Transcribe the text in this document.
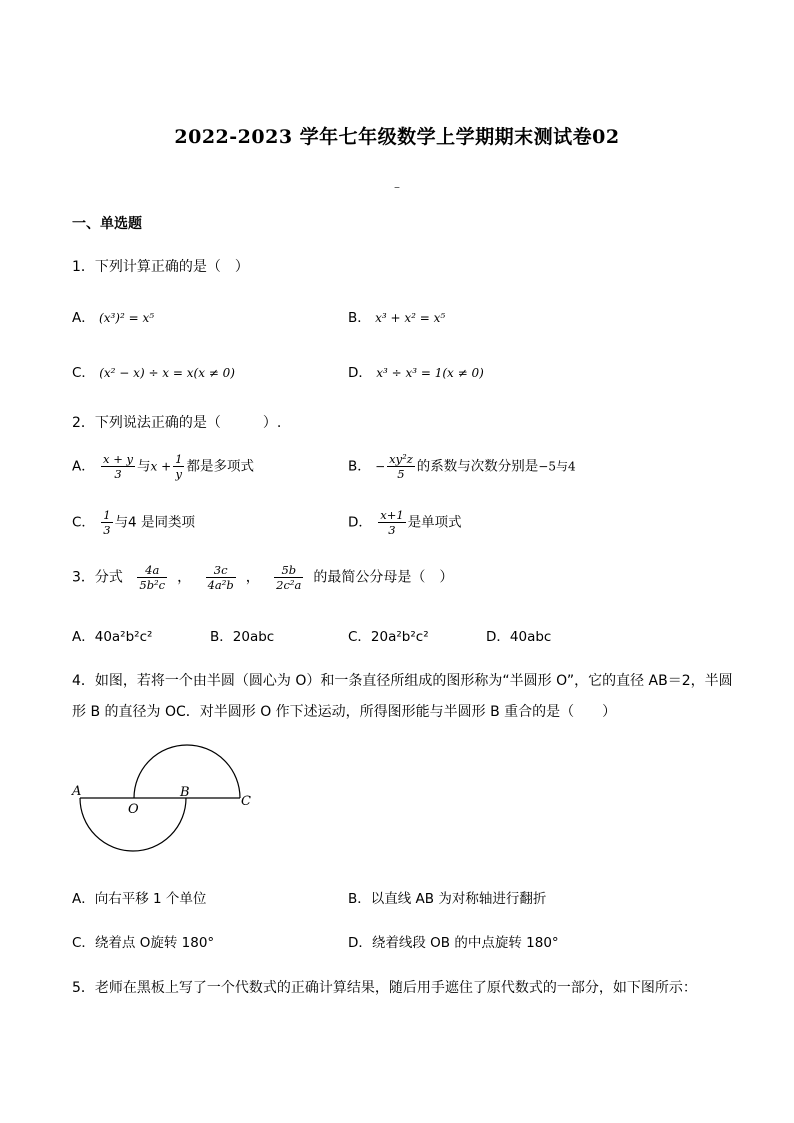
2022-2023 学年七年级数学上学期期末测试卷02
–
一、单选题
1．下列计算正确的是（　）
A． (x³)² = x⁵	B． x³ + x² = x⁵
C． (x² − x) ÷ x = x(x ≠ 0)	D． x³ ÷ x³ = 1(x ≠ 0)
2．下列说法正确的是（　　　）.
A． $\frac{x + y}{3}$ 与$x + \frac{1}{y}$ 都是多项式	B． − $\frac{\text{xy²z}}{5}$ 的系数与次数分别是−5与4
C． $\frac{1}{3}$ 与4 是同类项	D． $\frac{x+1}{3}$ 是单项式
3．分式 $\frac{4a}{\text{5b²c}}$ ， $\frac{3c}{\text{4a²b}}$ ， $\frac{5b}{\text{2c²a}}$ 的最简公分母是（　）
A．40a²b²c²	B．20abc	C．20a²b²c²	D．40abc
4．如图，若将一个由半圆（圆心为 O）和一条直径所组成的图形称为“半圆形 O”，它的直径 AB＝2，半圆
形 B 的直径为 OC．对半圆形 O 作下述运动，所得图形能与半圆形 B 重合的是（　　）
A
O
B
C
A．向右平移 1 个单位	B．以直线 AB 为对称轴进行翻折
C．绕着点 O旋转 180°	D．绕着线段 OB 的中点旋转 180°
5．老师在黑板上写了一个代数式的正确计算结果，随后用手遮住了原代数式的一部分，如下图所示：
